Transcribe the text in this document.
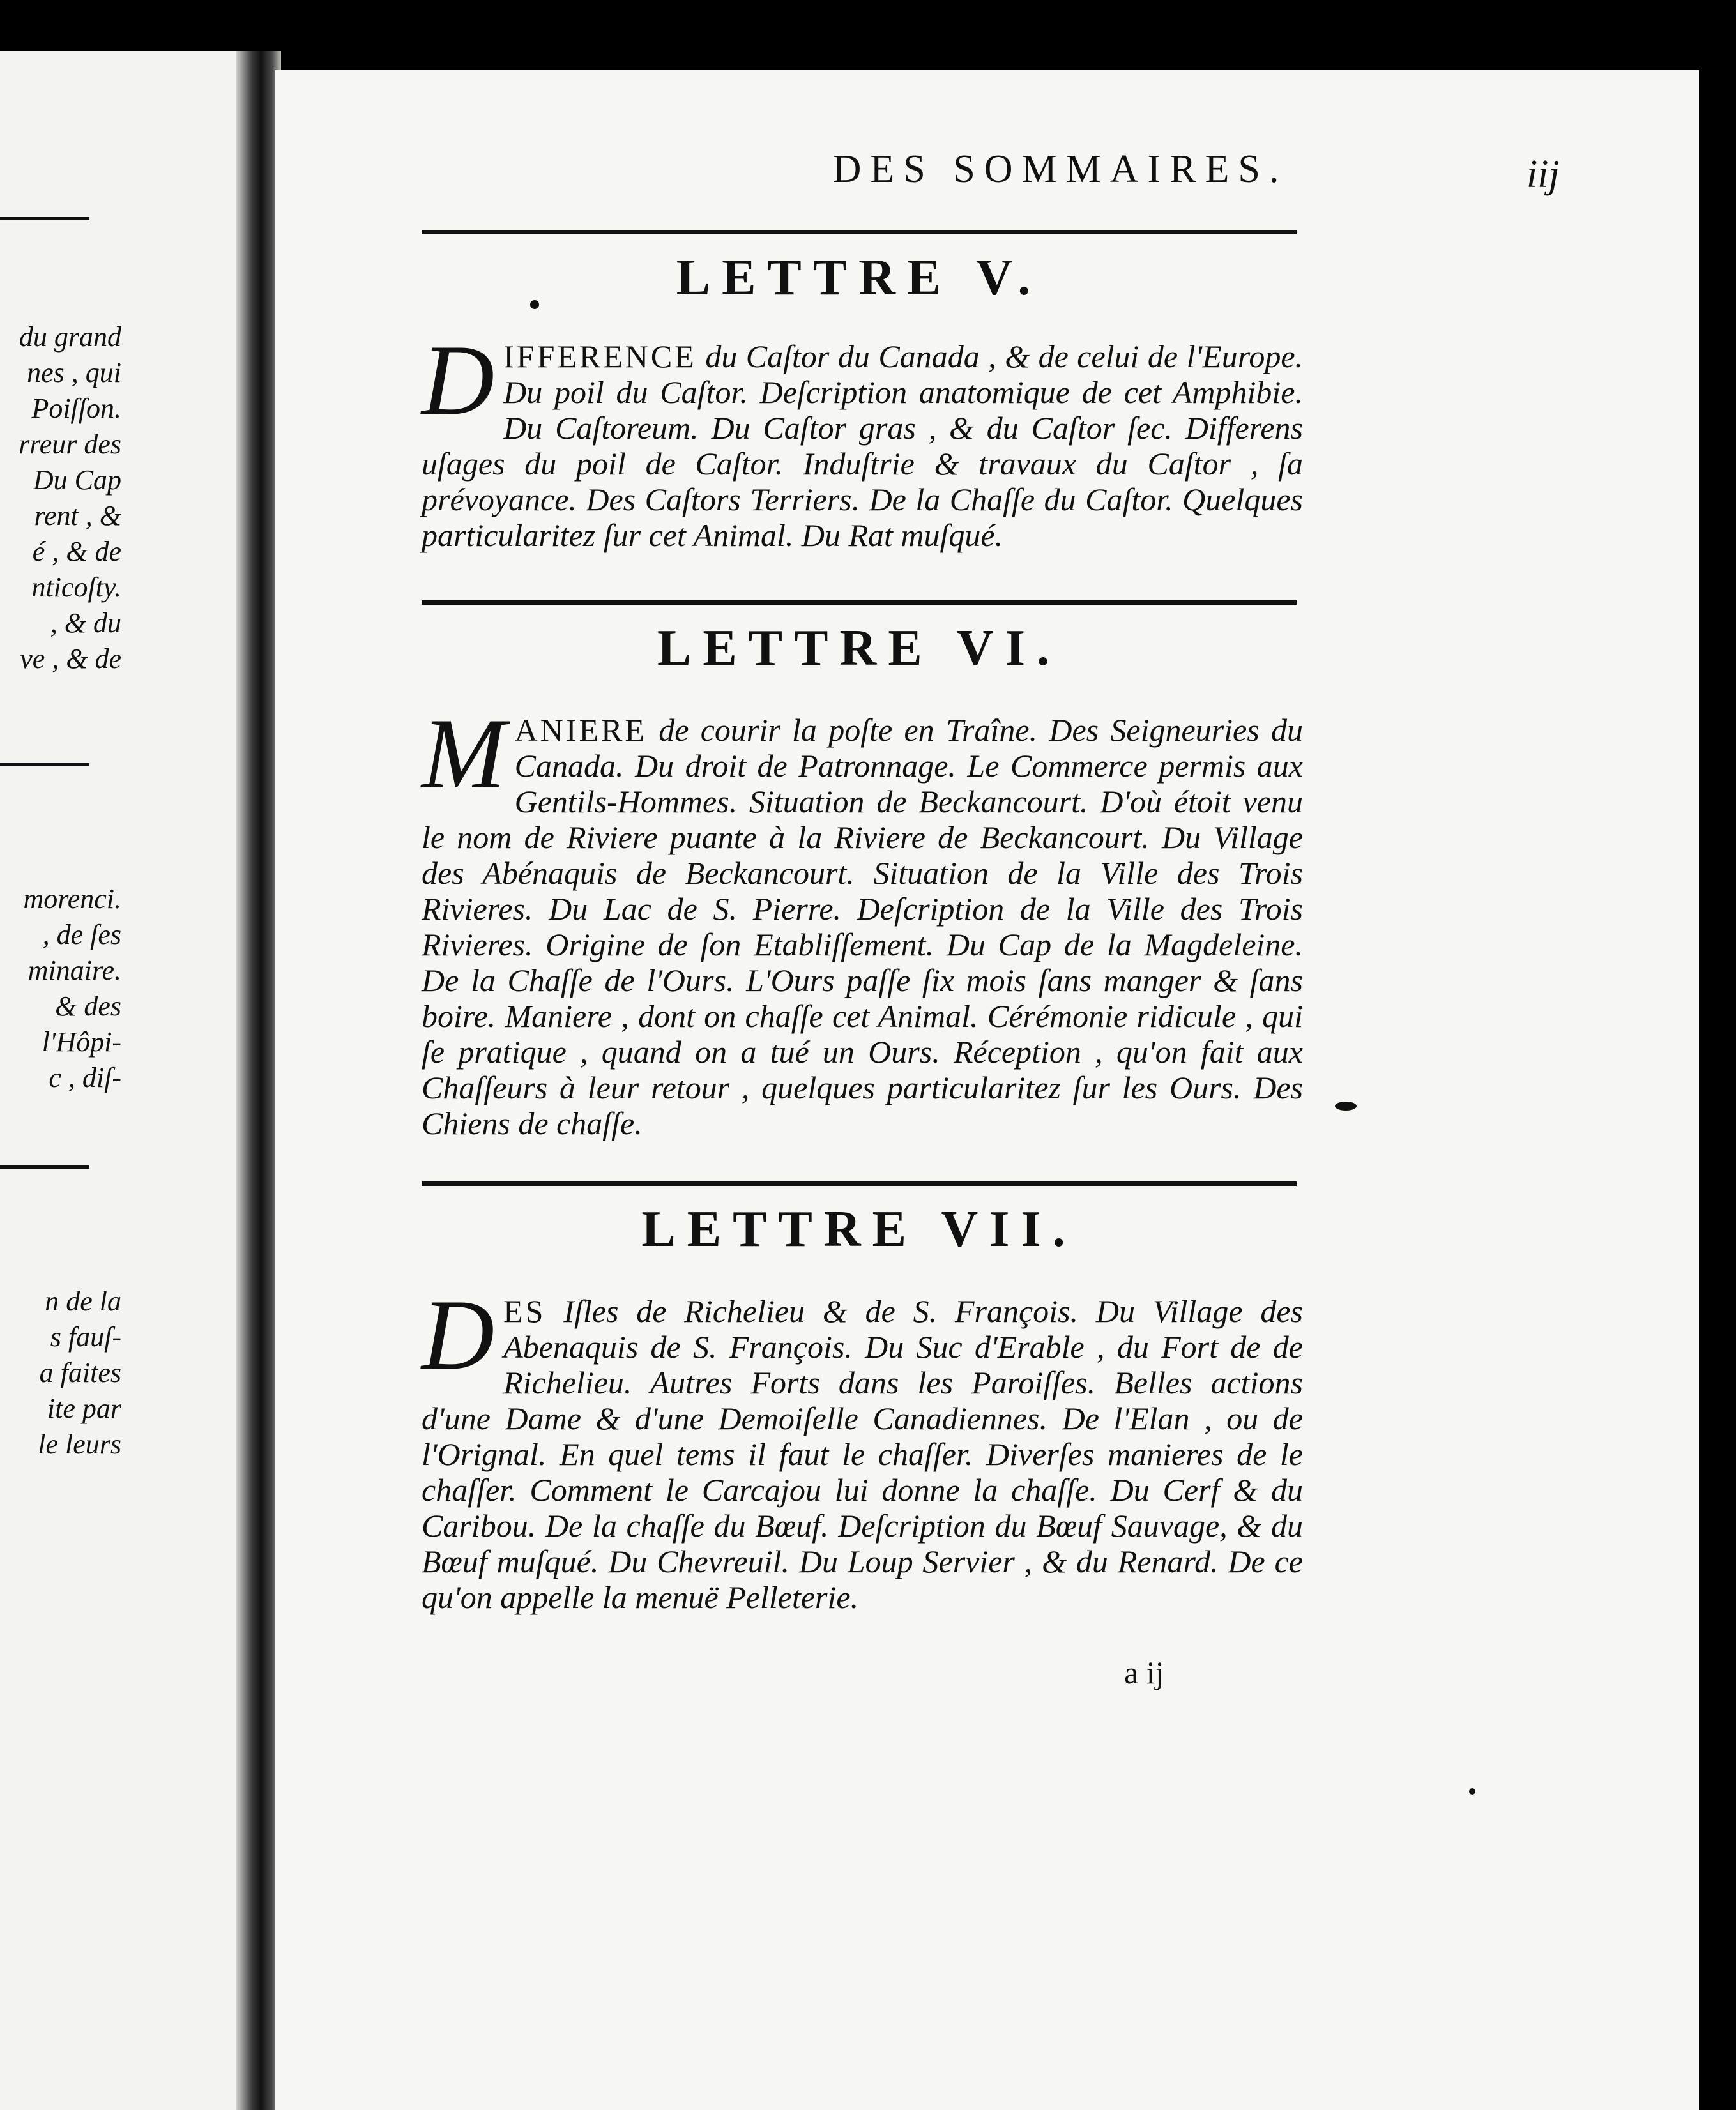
du grand
nes , qui
Poiſſon.
rreur des
Du Cap
rent , &
é , & de
nticoſty.
, & du
ve , & de
morenci.
, de ſes
minaire.
& des
l'Hôpi-
c , diſ-
n de la
s fauſ-
a faites
ite par
le leurs
DES SOMMAIRES.	iij
LETTRE V.
D IFFERENCE du Caſtor du Canada , & de celui de l'Europe. Du poil du Caſtor. Deſcription anatomique de cet Amphibie. Du Caſtoreum. Du Caſtor gras , & du Caſtor ſec. Differens uſages du poil de Caſtor. Induſtrie & travaux du Caſtor , ſa prévoyance. Des Caſtors Terriers. De la Chaſſe du Caſtor. Quelques particularitez ſur cet Animal. Du Rat muſqué.
LETTRE VI.
M ANIERE de courir la poſte en Traîne. Des Seigneuries du Canada. Du droit de Patronnage. Le Commerce permis aux Gentils-Hommes. Situation de Beckancourt. D'où étoit venu le nom de Riviere puante à la Riviere de Beckancourt. Du Village des Abénaquis de Beckancourt. Situation de la Ville des Trois Rivieres. Du Lac de S. Pierre. Deſcription de la Ville des Trois Rivieres. Origine de ſon Etabliſſement. Du Cap de la Magdeleine. De la Chaſſe de l'Ours. L'Ours paſſe ſix mois ſans manger & ſans boire. Maniere , dont on chaſſe cet Animal. Cérémonie ridicule , qui ſe pratique , quand on a tué un Ours. Réception , qu'on fait aux Chaſſeurs à leur retour , quelques particularitez ſur les Ours. Des Chiens de chaſſe.
LETTRE VII.
D ES Iſles de Richelieu & de S. François. Du Village des Abenaquis de S. François. Du Suc d'Erable , du Fort de de Richelieu. Autres Forts dans les Paroiſſes. Belles actions d'une Dame & d'une Demoiſelle Canadiennes. De l'Elan , ou de l'Orignal. En quel tems il faut le chaſſer. Diverſes manieres de le chaſſer. Comment le Carcajou lui donne la chaſſe. Du Cerf & du Caribou. De la chaſſe du Bœuf. Deſcription du Bœuf Sauvage, & du Bœuf muſqué. Du Chevreuil. Du Loup Servier , & du Renard. De ce qu'on appelle la menuë Pelleterie.
a ij
